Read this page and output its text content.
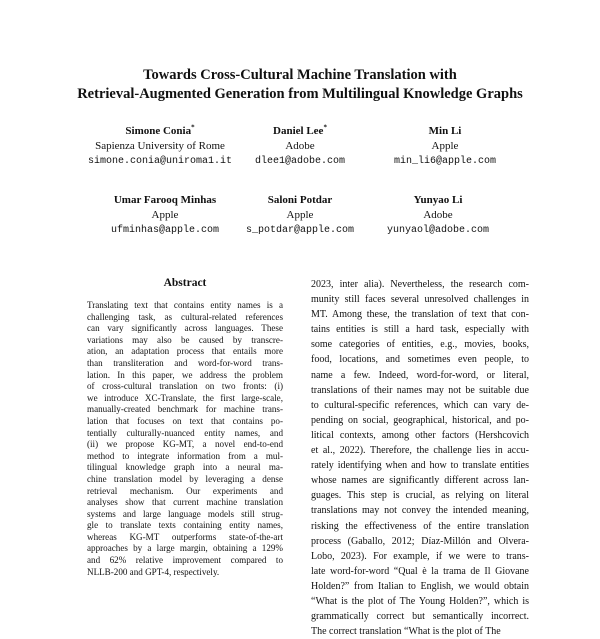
Towards Cross-Cultural Machine Translation with
Retrieval-Augmented Generation from Multilingual Knowledge Graphs
Simone Conia*
Sapienza University of Rome
simone.conia@uniroma1.it
Daniel Lee*
Adobe
dlee1@adobe.com
Min Li
Apple
min_li6@apple.com
Umar Farooq Minhas
Apple
ufminhas@apple.com
Saloni Potdar
Apple
s_potdar@apple.com
Yunyao Li
Adobe
yunyaol@adobe.com
Abstract
Translating text that contains entity names is a
challenging task, as cultural-related references
can vary significantly across languages. These
variations may also be caused by transcre-
ation, an adaptation process that entails more
than transliteration and word-for-word trans-
lation. In this paper, we address the problem
of cross-cultural translation on two fronts: (i)
we introduce XC-Translate, the first large-scale,
manually-created benchmark for machine trans-
lation that focuses on text that contains po-
tentially culturally-nuanced entity names, and
(ii) we propose KG-MT, a novel end-to-end
method to integrate information from a mul-
tilingual knowledge graph into a neural ma-
chine translation model by leveraging a dense
retrieval mechanism. Our experiments and
analyses show that current machine translation
systems and large language models still strug-
gle to translate texts containing entity names,
whereas KG-MT outperforms state-of-the-art
approaches by a large margin, obtaining a 129%
and 62% relative improvement compared to
NLLB-200 and GPT-4, respectively.
2023, inter alia). Nevertheless, the research com-
munity still faces several unresolved challenges in
MT. Among these, the translation of text that con-
tains entities is still a hard task, especially with
some categories of entities, e.g., movies, books,
food, locations, and sometimes even people, to
name a few. Indeed, word-for-word, or literal,
translations of their names may not be suitable due
to cultural-specific references, which can vary de-
pending on social, geographical, historical, and po-
litical contexts, among other factors (Hershcovich
et al., 2022). Therefore, the challenge lies in accu-
rately identifying when and how to translate entities
whose names are significantly different across lan-
guages. This step is crucial, as relying on literal
translations may not convey the intended meaning,
risking the effectiveness of the entire translation
process (Gaballo, 2012; Díaz-Millón and Olvera-
Lobo, 2023). For example, if we were to trans-
late word-for-word “Qual è la trama de Il Giovane
Holden?” from Italian to English, we would obtain
“What is the plot of The Young Holden?”, which is
grammatically correct but semantically incorrect.
The correct translation “What is the plot of The
